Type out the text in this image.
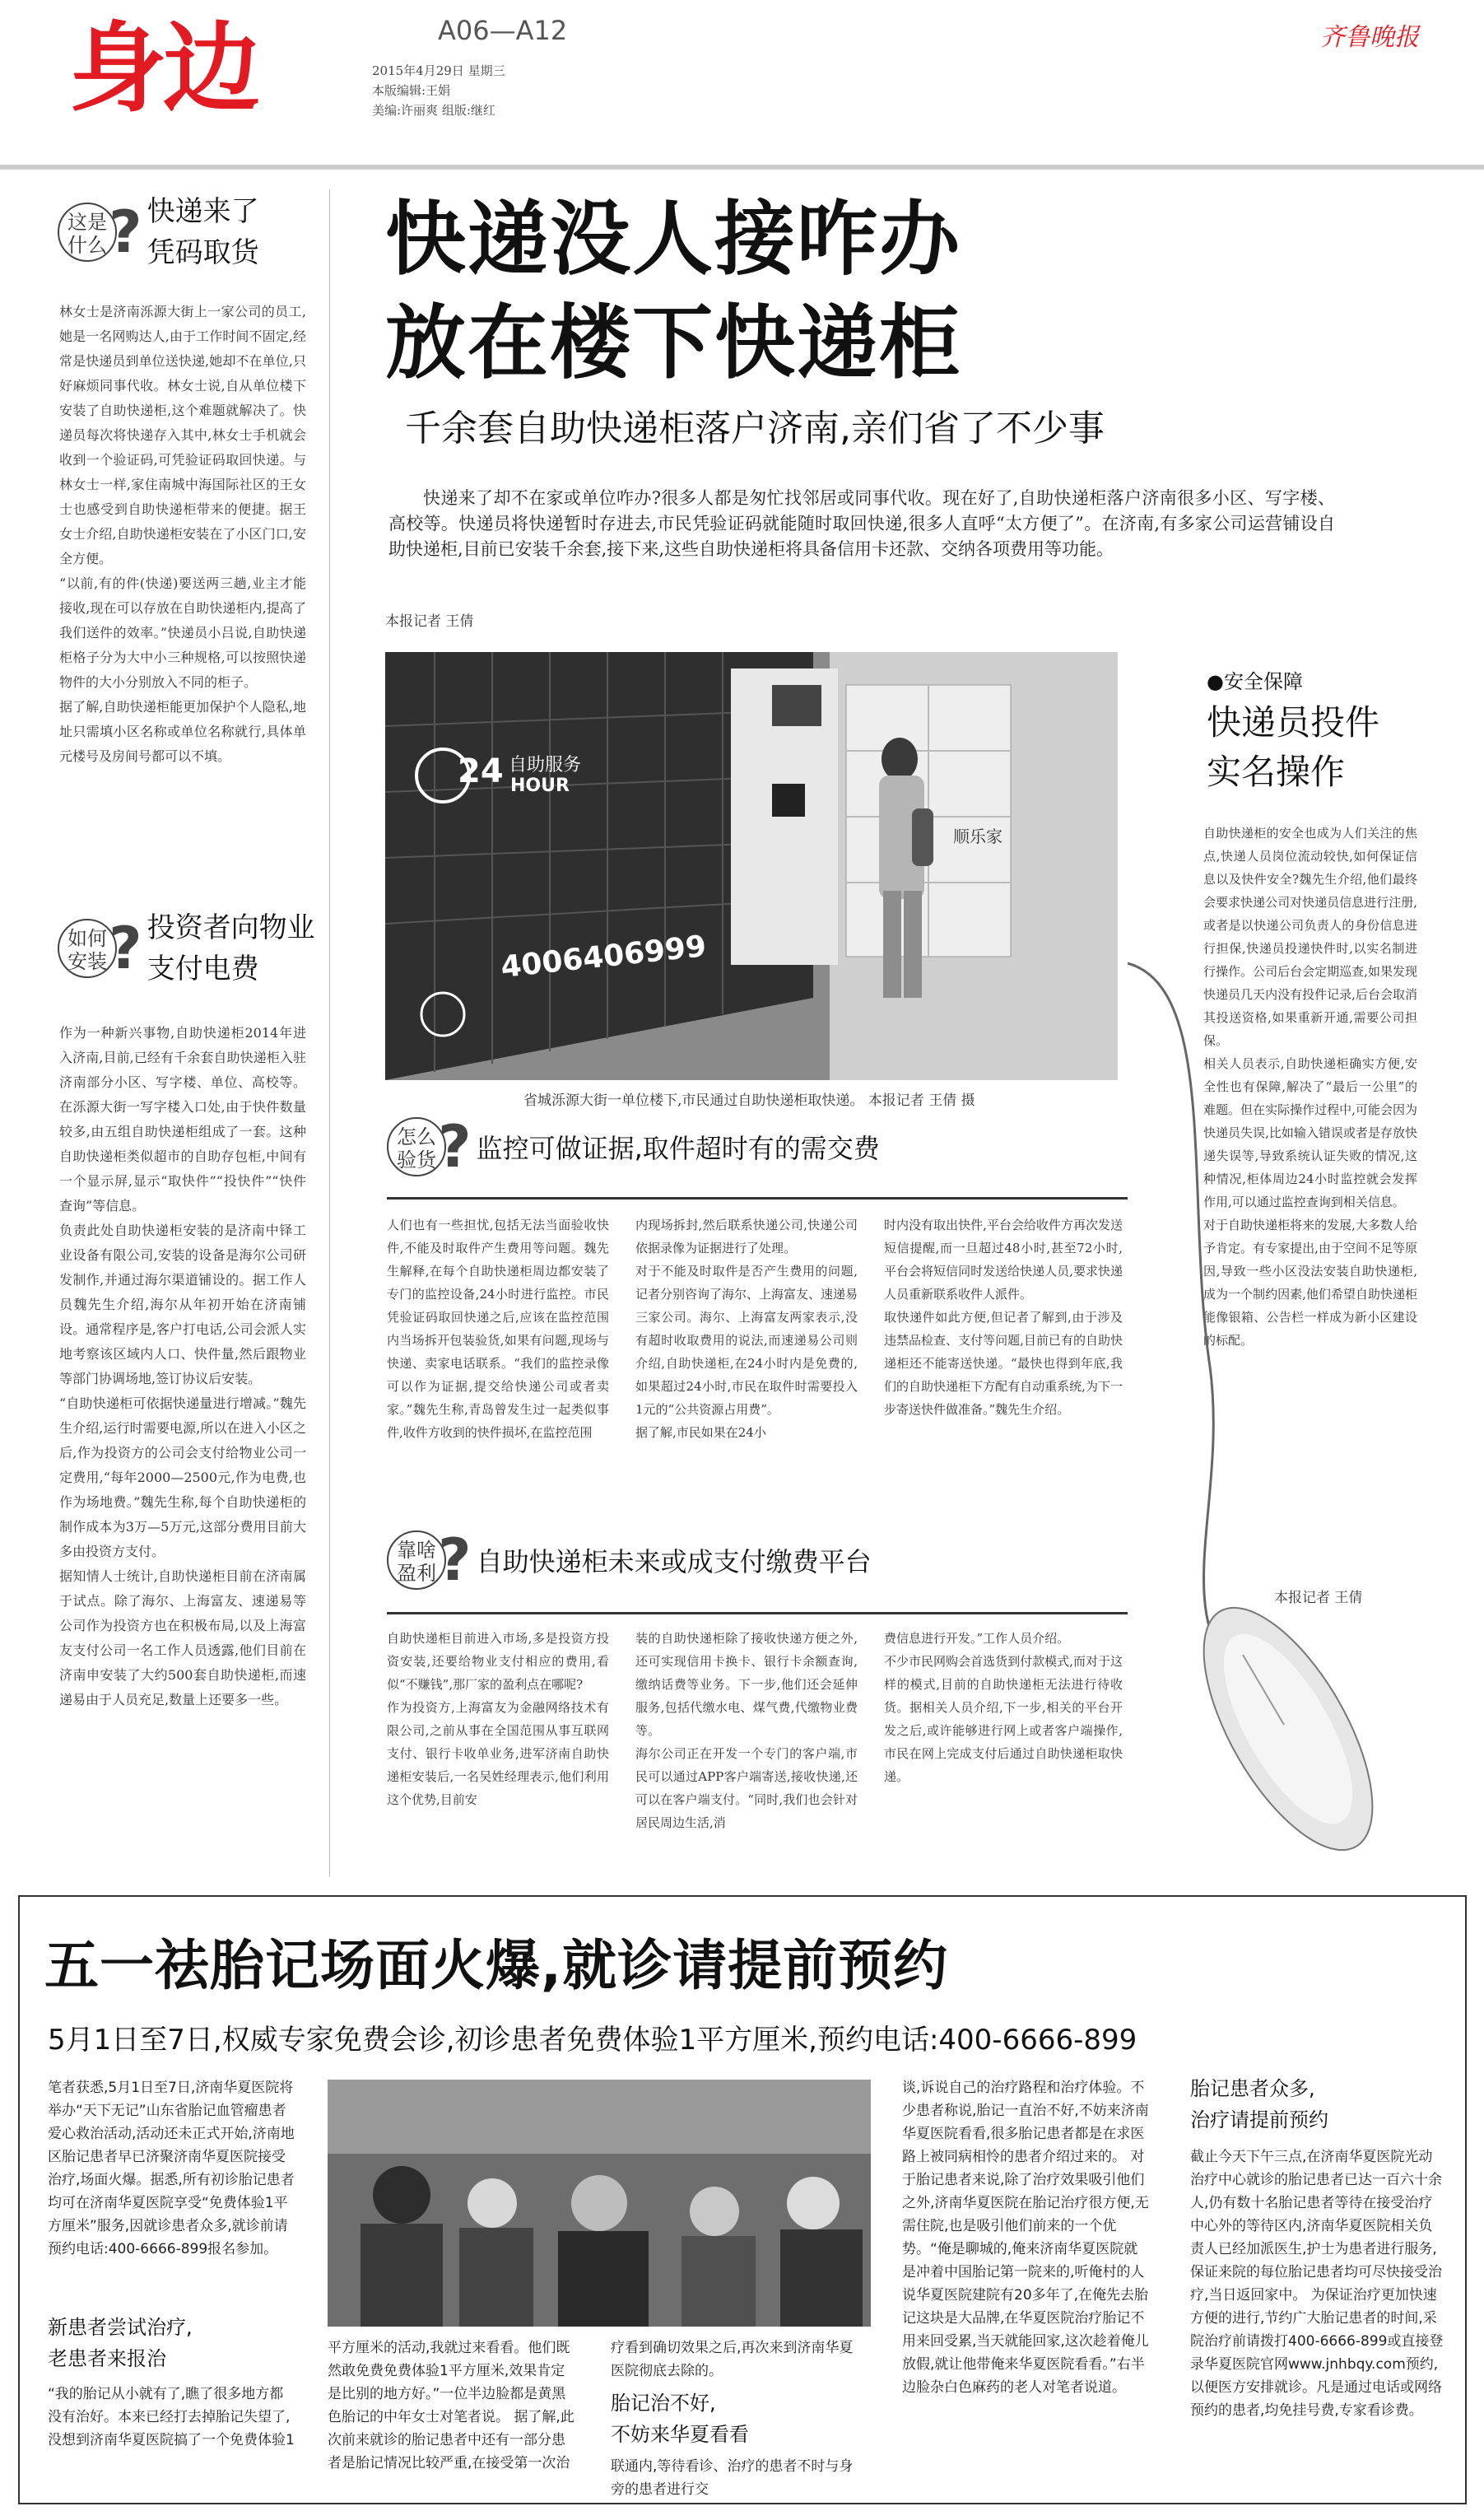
身边	A06—A12
2015年4月29日 星期三
本版编辑:王娟
美编:许丽爽 组版:继红
齐鲁晚报
这是什么 ? 快递来了凭码取货
林女士是济南泺源大街上一家公司的员工,她是一名网购达人,由于工作时间不固定,经常是快递员到单位送快递,她却不在单位,只好麻烦同事代收。林女士说,自从单位楼下安装了自助快递柜,这个难题就解决了。快递员每次将快递存入其中,林女士手机就会收到一个验证码,可凭验证码取回快递。与林女士一样,家住南城中海国际社区的王女士也感受到自助快递柜带来的便捷。据王女士介绍,自助快递柜安装在了小区门口,安全方便。
“以前,有的件(快递)要送两三趟,业主才能接收,现在可以存放在自助快递柜内,提高了我们送件的效率。”快递员小吕说,自助快递柜格子分为大中小三种规格,可以按照快递物件的大小分别放入不同的柜子。
据了解,自助快递柜能更加保护个人隐私,地址只需填小区名称或单位名称就行,具体单元楼号及房间号都可以不填。
如何安装 ? 投资者向物业支付电费
作为一种新兴事物,自助快递柜2014年进入济南,目前,已经有千余套自助快递柜入驻济南部分小区、写字楼、单位、高校等。在泺源大街一写字楼入口处,由于快件数量较多,由五组自助快递柜组成了一套。这种自助快递柜类似超市的自助存包柜,中间有一个显示屏,显示“取快件”“投快件”“快件查询”等信息。
负责此处自助快递柜安装的是济南中铎工业设备有限公司,安装的设备是海尔公司研发制作,并通过海尔渠道铺设的。据工作人员魏先生介绍,海尔从年初开始在济南铺设。通常程序是,客户打电话,公司会派人实地考察该区域内人口、快件量,然后跟物业等部门协调场地,签订协议后安装。
“自助快递柜可依据快递量进行增减。”魏先生介绍,运行时需要电源,所以在进入小区之后,作为投资方的公司会支付给物业公司一定费用,“每年2000—2500元,作为电费,也作为场地费。”魏先生称,每个自助快递柜的制作成本为3万—5万元,这部分费用目前大多由投资方支付。
据知情人士统计,自助快递柜目前在济南属于试点。除了海尔、上海富友、速递易等公司作为投资方也在积极布局,以及上海富友支付公司一名工作人员透露,他们目前在济南申安装了大约500套自助快递柜,而速递易由于人员充足,数量上还要多一些。
快递没人接咋办
放在楼下快递柜
千余套自助快递柜落户济南,亲们省了不少事
快递来了却不在家或单位咋办?很多人都是匆忙找邻居或同事代收。现在好了,自助快递柜落户济南很多小区、写字楼、高校等。快递员将快递暂时存进去,市民凭验证码就能随时取回快递,很多人直呼“太方便了”。在济南,有多家公司运营铺设自助快递柜,目前已安装千余套,接下来,这些自助快递柜将具备信用卡还款、交纳各项费用等功能。
本报记者 王倩
自助服务
24 HOUR
4006406999
顺乐家
省城泺源大街一单位楼下,市民通过自助快递柜取快递。 本报记者 王倩 摄
怎么验货 ? 监控可做证据,取件超时有的需交费
人们也有一些担忧,包括无法当面验收快件,不能及时取件产生费用等问题。魏先生解释,在每个自助快递柜周边都安装了专门的监控设备,24小时进行监控。市民凭验证码取回快递之后,应该在监控范围内当场拆开包装验货,如果有问题,现场与快递、卖家电话联系。“我们的监控录像可以作为证据,提交给快递公司或者卖家。”魏先生称,青岛曾发生过一起类似事件,收件方收到的快件损坏,在监控范围
内现场拆封,然后联系快递公司,快递公司依据录像为证据进行了处理。
对于不能及时取件是否产生费用的问题,记者分别咨询了海尔、上海富友、速递易三家公司。海尔、上海富友两家表示,没有超时收取费用的说法,而速递易公司则介绍,自助快递柜,在24小时内是免费的,如果超过24小时,市民在取件时需要投入1元的“公共资源占用费”。
据了解,市民如果在24小
时内没有取出快件,平台会给收件方再次发送短信提醒,而一旦超过48小时,甚至72小时,平台会将短信同时发送给快递人员,要求快递人员重新联系收件人派件。
取快递件如此方便,但记者了解到,由于涉及违禁品检查、支付等问题,目前已有的自助快递柜还不能寄送快递。“最快也得到年底,我们的自助快递柜下方配有自动重系统,为下一步寄送快件做准备。”魏先生介绍。
靠啥盈利 ? 自助快递柜未来或成支付缴费平台
自助快递柜目前进入市场,多是投资方投资安装,还要给物业支付相应的费用,看似“不赚钱”,那厂家的盈利点在哪呢?
作为投资方,上海富友为金融网络技术有限公司,之前从事在全国范围从事互联网支付、银行卡收单业务,进军济南自助快递柜安装后,一名吴姓经理表示,他们利用这个优势,目前安
装的自助快递柜除了接收快递方便之外,还可实现信用卡换卡、银行卡余额查询,缴纳话费等业务。下一步,他们还会延伸服务,包括代缴水电、煤气费,代缴物业费等。
海尔公司正在开发一个专门的客户端,市民可以通过APP客户端寄送,接收快递,还可以在客户端支付。“同时,我们也会针对居民周边生活,消
费信息进行开发。”工作人员介绍。
不少市民网购会首选货到付款模式,而对于这样的模式,目前的自助快递柜无法进行待收货。据相关人员介绍,下一步,相关的平台开发之后,或许能够进行网上或者客户端操作,市民在网上完成支付后通过自助快递柜取快递。
●安全保障
快递员投件实名操作
自助快递柜的安全也成为人们关注的焦点,快递人员岗位流动较快,如何保证信息以及快件安全?魏先生介绍,他们最终会要求快递公司对快递员信息进行注册,或者是以快递公司负责人的身份信息进行担保,快递员投递快件时,以实名制进行操作。公司后台会定期巡查,如果发现快递员几天内没有投件记录,后台会取消其投送资格,如果重新开通,需要公司担保。
相关人员表示,自助快递柜确实方便,安全性也有保障,解决了“最后一公里”的难题。但在实际操作过程中,可能会因为快递员失误,比如输入错误或者是存放快递失误等,导致系统认证失败的情况,这种情况,柜体周边24小时监控就会发挥作用,可以通过监控查询到相关信息。
对于自助快递柜将来的发展,大多数人给予肯定。有专家提出,由于空间不足等原因,导致一些小区没法安装自助快递柜,成为一个制约因素,他们希望自助快递柜能像银箱、公告栏一样成为新小区建设的标配。
本报记者 王倩
五一祛胎记场面火爆,就诊请提前预约
5月1日至7日,权威专家免费会诊,初诊患者免费体验1平方厘米,预约电话:400-6666-899
笔者获悉,5月1日至7日,济南华夏医院将举办“天下无记”山东省胎记血管瘤患者爱心救治活动,活动还未正式开始,济南地区胎记患者早已济聚济南华夏医院接受治疗,场面火爆。据悉,所有初诊胎记患者均可在济南华夏医院享受“免费体验1平方厘米”服务,因就诊患者众多,就诊前请预约电话:400-6666-899报名参加。
新患者尝试治疗,
老患者来报治
“我的胎记从小就有了,瞧了很多地方都没有治好。本来已经打去掉胎记失望了,没想到济南华夏医院搞了一个免费体验1
平方厘米的活动,我就过来看看。他们既然敢免费免费体验1平方厘米,效果肯定是比别的地方好。”一位半边脸都是黄黑色胎记的中年女士对笔者说。 据了解,此次前来就诊的胎记患者中还有一部分患者是胎记情况比较严重,在接受第一次治
疗看到确切效果之后,再次来到济南华夏医院彻底去除的。
胎记治不好,
不妨来华夏看看
联通内,等待看诊、治疗的患者不时与身旁的患者进行交
谈,诉说自己的治疗路程和治疗体验。不少患者称说,胎记一直治不好,不妨来济南华夏医院看看,很多胎记患者都是在求医路上被同病相怜的患者介绍过来的。 对于胎记患者来说,除了治疗效果吸引他们之外,济南华夏医院在胎记治疗很方便,无需住院,也是吸引他们前来的一个优势。“俺是聊城的,俺来济南华夏医院就是冲着中国胎记第一院来的,听俺村的人说华夏医院建院有20多年了,在俺先去胎记这块是大品牌,在华夏医院治疗胎记不用来回受累,当天就能回家,这次趁着俺儿放假,就让他带俺来华夏医院看看。”右半边脸杂白色麻药的老人对笔者说道。
胎记患者众多,
治疗请提前预约
截止今天下午三点,在济南华夏医院光动治疗中心就诊的胎记患者已达一百六十余人,仍有数十名胎记患者等待在接受治疗中心外的等待区内,济南华夏医院相关负责人已经加派医生,护士为患者进行服务,保证来院的每位胎记患者均可尽快接受治疗,当日返回家中。 为保证治疗更加快速方便的进行,节约广大胎记患者的时间,采院治疗前请拨打400-6666-899或直接登录华夏医院官网www.jnhbqy.com预约,以便医方安排就诊。凡是通过电话或网络预约的患者,均免挂号费,专家看诊费。
